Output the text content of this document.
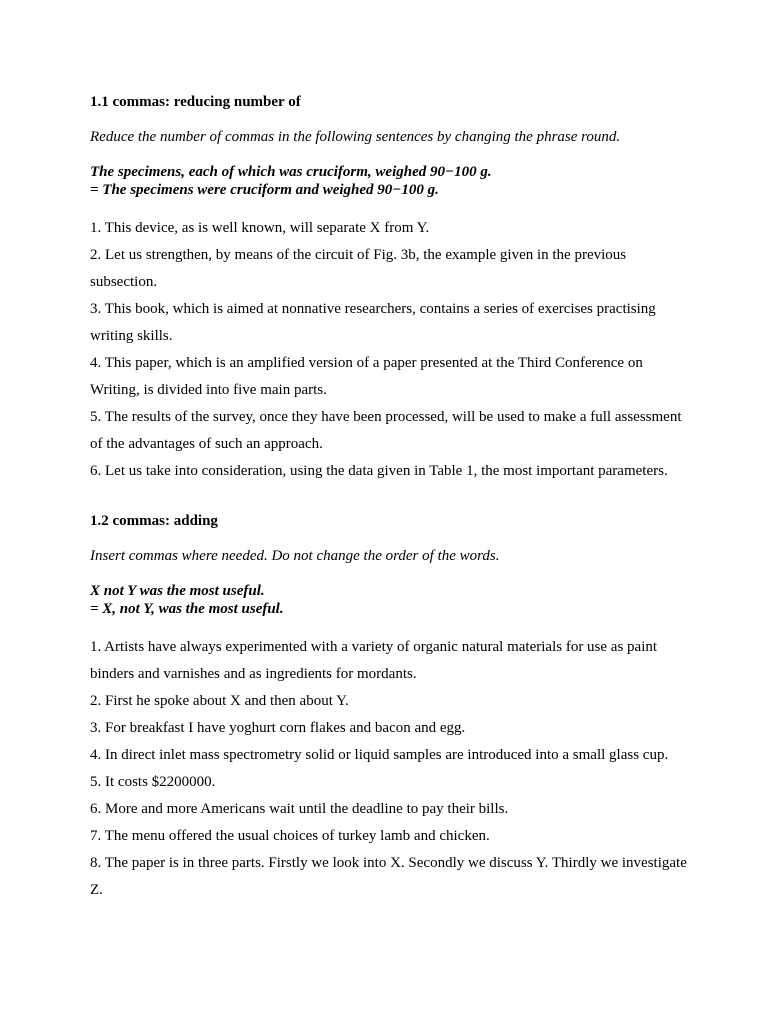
1.1 commas: reducing number of

Reduce the number of commas in the following sentences by changing the phrase round.

The specimens, each of which was cruciform, weighed 90−100 g.
= The specimens were cruciform and weighed 90−100 g.
1. This device, as is well known, will separate X from Y.
2. Let us strengthen, by means of the circuit of Fig. 3b, the example given in the previous subsection.
3. This book, which is aimed at nonnative researchers, contains a series of exercises practising writing skills.
4. This paper, which is an amplified version of a paper presented at the Third Conference on Writing, is divided into five main parts.
5. The results of the survey, once they have been processed, will be used to make a full assessment of the advantages of such an approach.
6. Let us take into consideration, using the data given in Table 1, the most important parameters.

1.2 commas: adding

Insert commas where needed. Do not change the order of the words.

X not Y was the most useful.
= X, not Y, was the most useful.
1. Artists have always experimented with a variety of organic natural materials for use as paint binders and varnishes and as ingredients for mordants.
2. First he spoke about X and then about Y.
3. For breakfast I have yoghurt corn flakes and bacon and egg.
4. In direct inlet mass spectrometry solid or liquid samples are introduced into a small glass cup.
5. It costs $2200000.
6. More and more Americans wait until the deadline to pay their bills.
7. The menu offered the usual choices of turkey lamb and chicken.
8. The paper is in three parts. Firstly we look into X. Secondly we discuss Y. Thirdly we investigate Z.
